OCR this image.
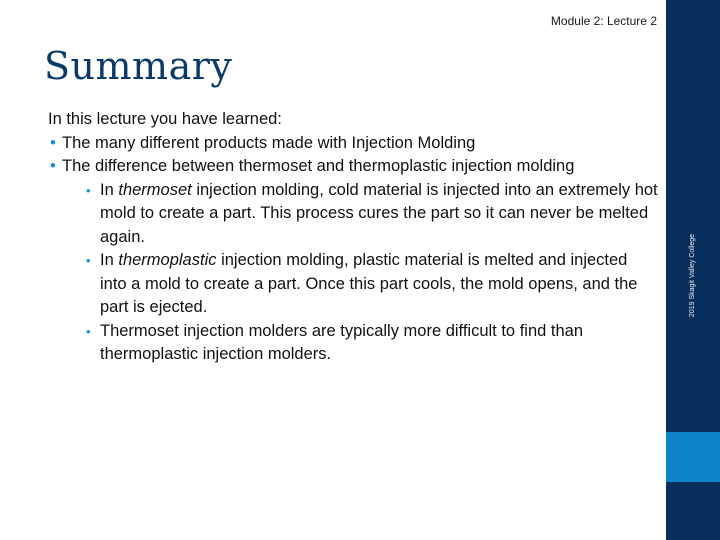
Module 2: Lecture 2
Summary

In this lecture you have learned:

• The many different products made with Injection Molding
• The difference between thermoset and thermoplastic injection molding
• In thermoset injection molding, cold material is injected into an extremely hot mold to create a part. This process cures the part so it can never be melted again.
• In thermoplastic injection molding, plastic material is melted and injected into a mold to create a part. Once this part cools, the mold opens, and the part is ejected.
• Thermoset injection molders are typically more difficult to find than thermoplastic injection molders.
2019 Skagit Valley College
